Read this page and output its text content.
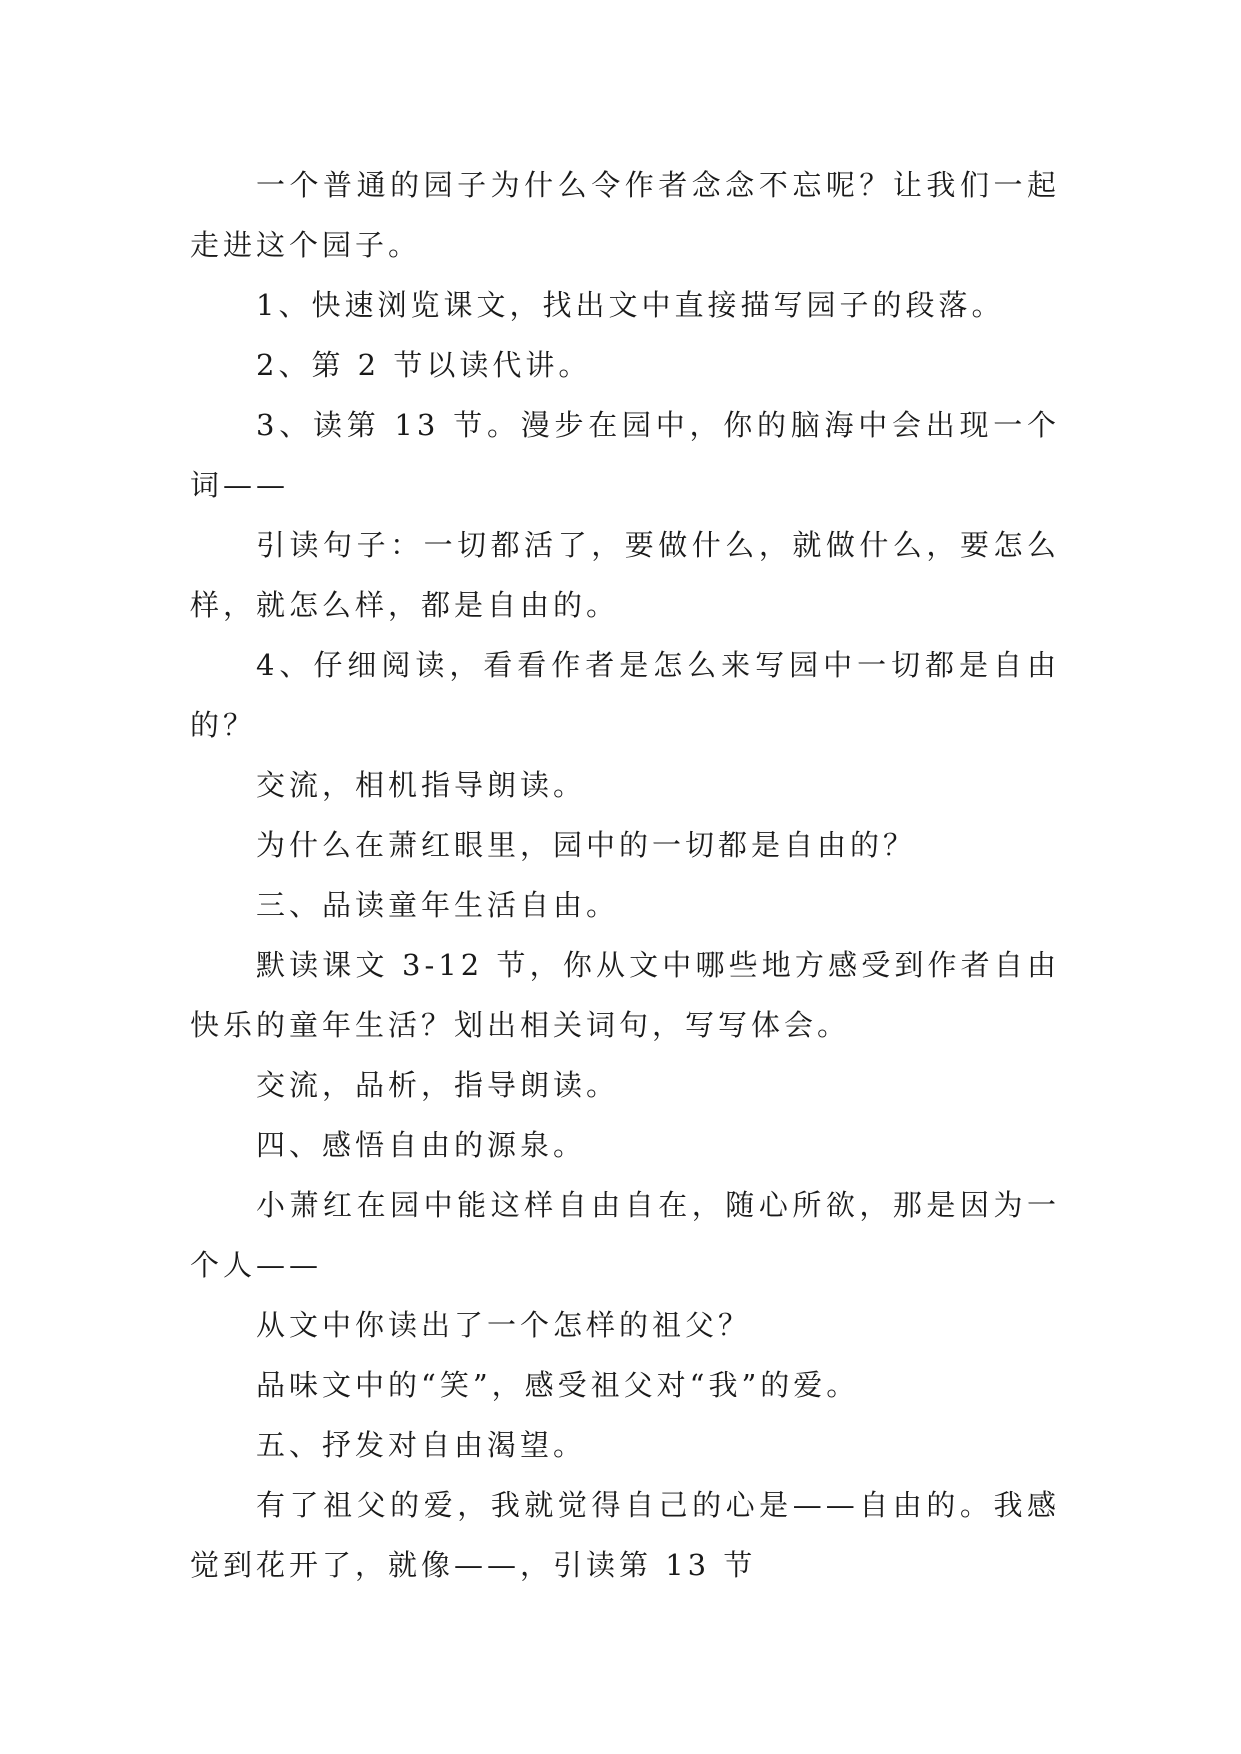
一个普通的园子为什么令作者念念不忘呢？让我们一起走进这个园子。

1、快速浏览课文，找出文中直接描写园子的段落。

2、第 2 节以读代讲。

3、读第 13 节。漫步在园中，你的脑海中会出现一个词——

引读句子：一切都活了，要做什么，就做什么，要怎么样，就怎么样，都是自由的。

4、仔细阅读，看看作者是怎么来写园中一切都是自由的？

交流，相机指导朗读。

为什么在萧红眼里，园中的一切都是自由的？

三、品读童年生活自由。

默读课文 3-12 节，你从文中哪些地方感受到作者自由快乐的童年生活？划出相关词句，写写体会。

交流，品析，指导朗读。

四、感悟自由的源泉。

小萧红在园中能这样自由自在，随心所欲，那是因为一个人——

从文中你读出了一个怎样的祖父？

品味文中的“笑”，感受祖父对“我”的爱。

五、抒发对自由渴望。

有了祖父的爱，我就觉得自己的心是——自由的。我感觉到花开了，就像——，引读第 13 节
